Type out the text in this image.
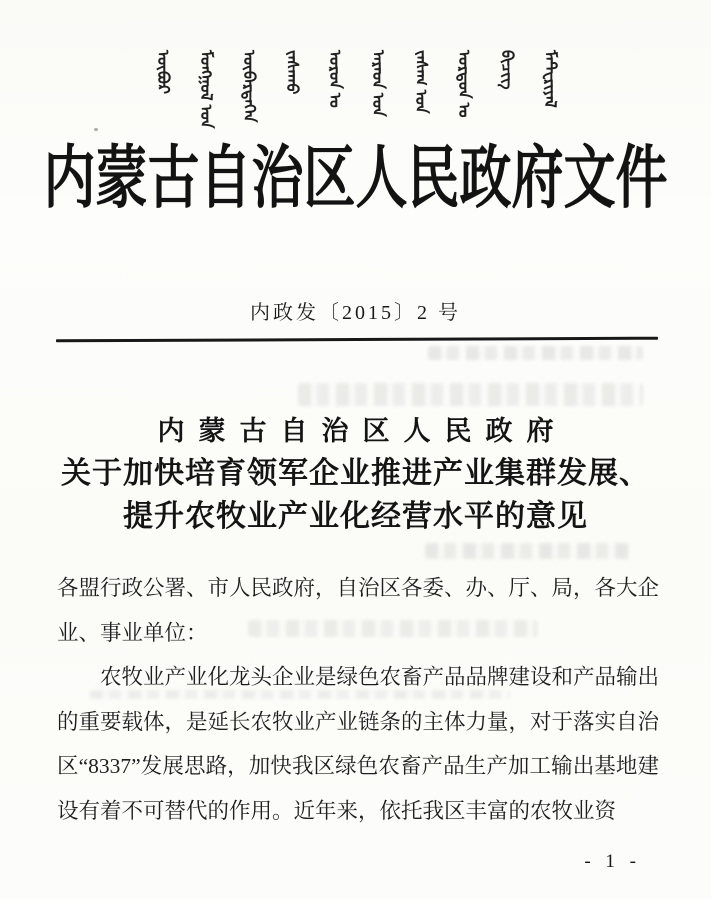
ᠥᠪᠥᠷ ᠮᠣᠩᠭᠣᠯ ᠤᠨ ᠥᠪᠡᠷᠲᠡᠭᠡᠨ ᠵᠠᠰᠠᠬᠤ ᠣᠷᠣᠨ ᠤ ᠠᠷᠠᠳ ᠤᠨ ᠵᠠᠰᠠᠭ ᠤᠨ ᠣᠷᠳᠣᠨ ᠤ ᠪᠢᠴᠢᠭ ᠮᠠᠲ᠋ᠧᠷᠢᠶᠠᠯ
内蒙古自治区人民政府文件
内政发〔2015〕2 号
内蒙古自治区人民政府
关于加快培育领军企业推进产业集群发展、
提升农牧业产业化经营水平的意见

各盟行政公署、市人民政府，自治区各委、办、厅、局，各大企业、事业单位：

农牧业产业化龙头企业是绿色农畜产品品牌建设和产品输出的重要载体，是延长农牧业产业链条的主体力量，对于落实自治区“8337”发展思路，加快我区绿色农畜产品生产加工输出基地建设有着不可替代的作用。近年来，依托我区丰富的农牧业资

- 1 -
